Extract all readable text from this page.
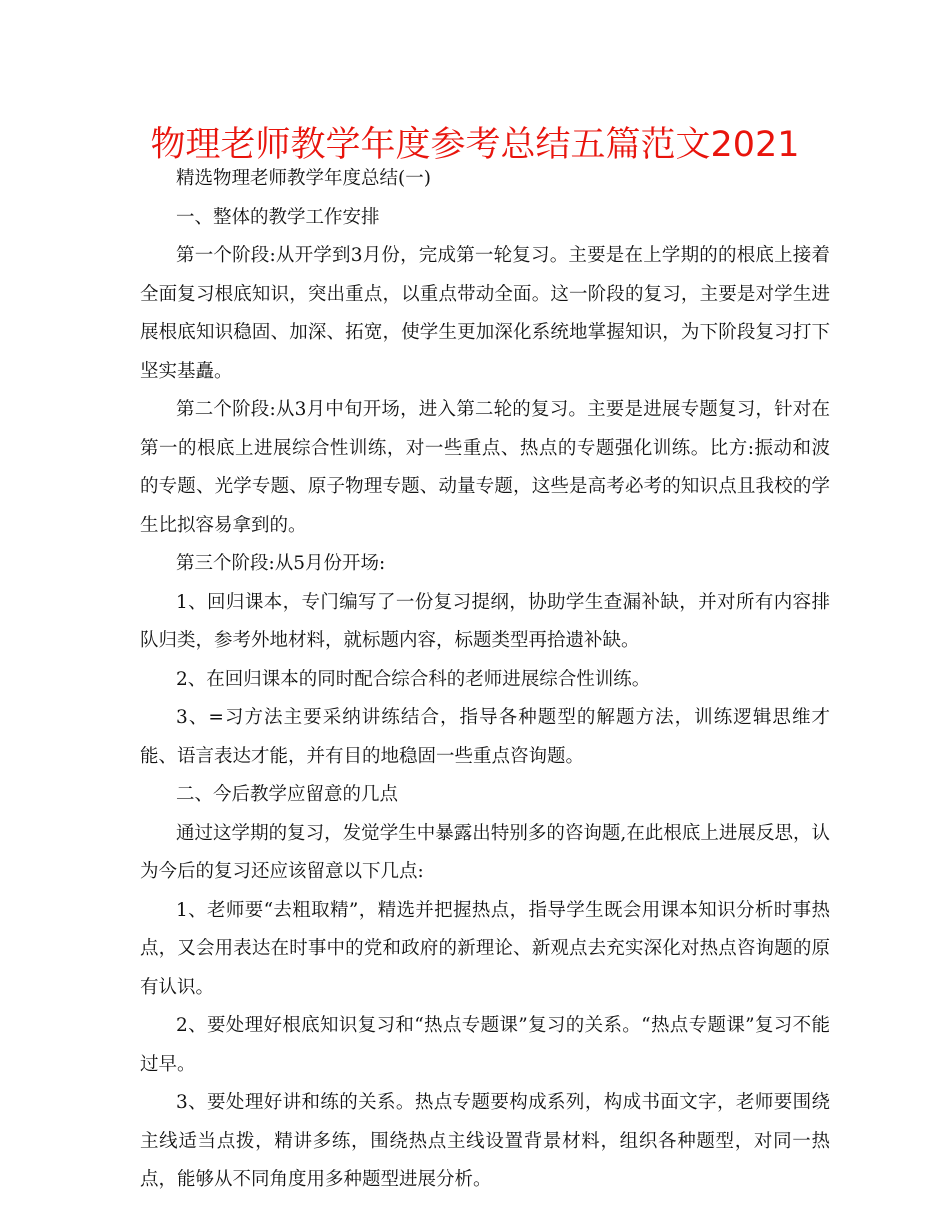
物理老师教学年度参考总结五篇范文2021

精选物理老师教学年度总结(一)

一、整体的教学工作安排

第一个阶段:从开学到3月份，完成第一轮复习。主要是在上学期的的根底上接着全面复习根底知识，突出重点，以重点带动全面。这一阶段的复习，主要是对学生进展根底知识稳固、加深、拓宽，使学生更加深化系统地掌握知识，为下阶段复习打下坚实基矗。

第二个阶段:从3月中旬开场，进入第二轮的复习。主要是进展专题复习，针对在第一的根底上进展综合性训练，对一些重点、热点的专题强化训练。比方:振动和波的专题、光学专题、原子物理专题、动量专题，这些是高考必考的知识点且我校的学生比拟容易拿到的。

第三个阶段:从5月份开场:

1、回归课本，专门编写了一份复习提纲，协助学生查漏补缺，并对所有内容排队归类，参考外地材料，就标题内容，标题类型再拾遗补缺。

2、在回归课本的同时配合综合科的老师进展综合性训练。

3、=习方法主要采纳讲练结合，指导各种题型的解题方法，训练逻辑思维才能、语言表达才能，并有目的地稳固一些重点咨询题。

二、今后教学应留意的几点

通过这学期的复习，发觉学生中暴露出特别多的咨询题,在此根底上进展反思，认为今后的复习还应该留意以下几点:

1、老师要“去粗取精”，精选并把握热点，指导学生既会用课本知识分析时事热点，又会用表达在时事中的党和政府的新理论、新观点去充实深化对热点咨询题的原有认识。

2、要处理好根底知识复习和“热点专题课”复习的关系。“热点专题课”复习不能过早。

3、要处理好讲和练的关系。热点专题要构成系列，构成书面文字，老师要围绕主线适当点拨，精讲多练，围绕热点主线设置背景材料，组织各种题型，对同一热点，能够从不同角度用多种题型进展分析。
